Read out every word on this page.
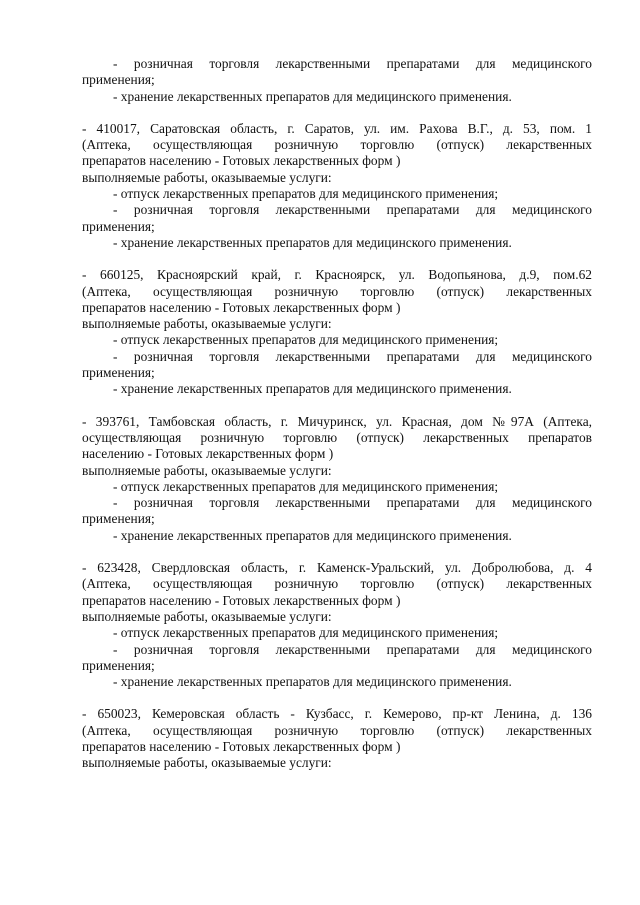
- розничная торговля лекарственными препаратами для медицинского
применения;
- хранение лекарственных препаратов для медицинского применения.
- 410017, Саратовская область, г. Саратов, ул. им. Рахова В.Г., д. 53, пом. 1
(Аптека, осуществляющая розничную торговлю (отпуск) лекарственных
препаратов населению - Готовых лекарственных форм )
выполняемые работы, оказываемые услуги:
- отпуск лекарственных препаратов для медицинского применения;
- розничная торговля лекарственными препаратами для медицинского
применения;
- хранение лекарственных препаратов для медицинского применения.
- 660125, Красноярский край, г. Красноярск, ул. Водопьянова, д.9, пом.62
(Аптека, осуществляющая розничную торговлю (отпуск) лекарственных
препаратов населению - Готовых лекарственных форм )
выполняемые работы, оказываемые услуги:
- отпуск лекарственных препаратов для медицинского применения;
- розничная торговля лекарственными препаратами для медицинского
применения;
- хранение лекарственных препаратов для медицинского применения.
- 393761, Тамбовская область, г. Мичуринск, ул. Красная, дом №97А (Аптека,
осуществляющая розничную торговлю (отпуск) лекарственных препаратов
населению - Готовых лекарственных форм )
выполняемые работы, оказываемые услуги:
- отпуск лекарственных препаратов для медицинского применения;
- розничная торговля лекарственными препаратами для медицинского
применения;
- хранение лекарственных препаратов для медицинского применения.
- 623428, Свердловская область, г. Каменск-Уральский, ул. Добролюбова, д. 4
(Аптека, осуществляющая розничную торговлю (отпуск) лекарственных
препаратов населению - Готовых лекарственных форм )
выполняемые работы, оказываемые услуги:
- отпуск лекарственных препаратов для медицинского применения;
- розничная торговля лекарственными препаратами для медицинского
применения;
- хранение лекарственных препаратов для медицинского применения.
- 650023, Кемеровская область - Кузбасс, г. Кемерово, пр-кт Ленина, д. 136
(Аптека, осуществляющая розничную торговлю (отпуск) лекарственных
препаратов населению - Готовых лекарственных форм )
выполняемые работы, оказываемые услуги:
